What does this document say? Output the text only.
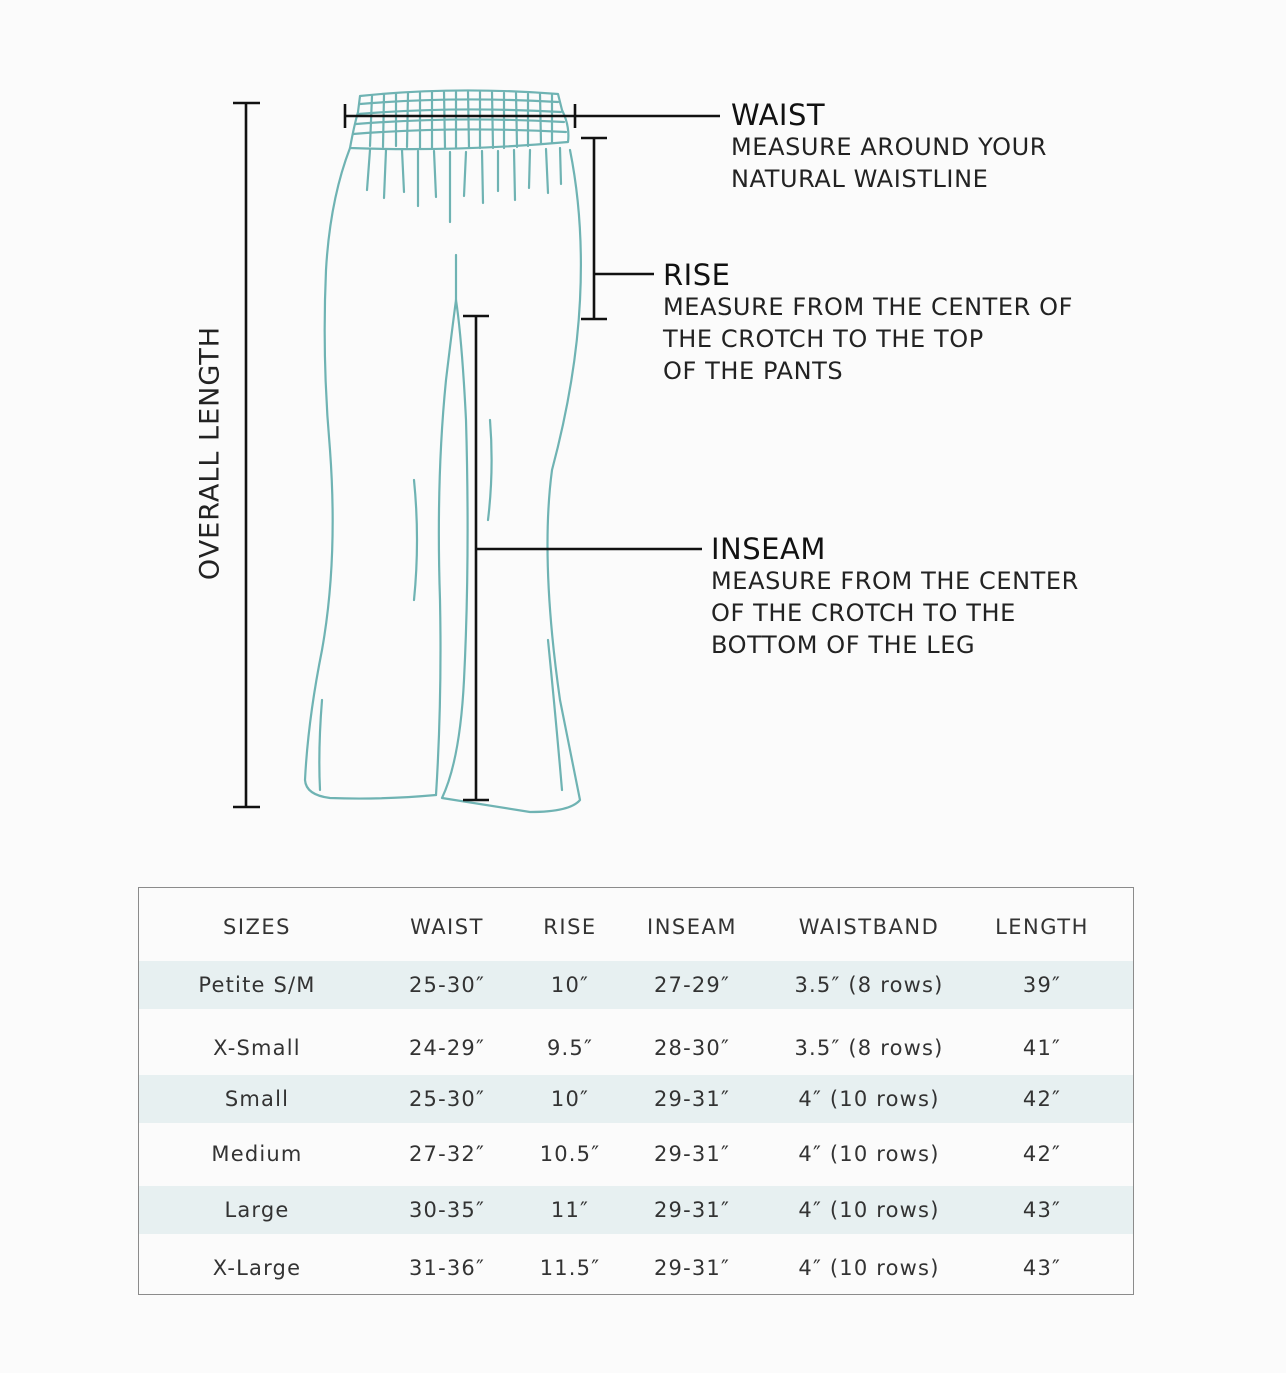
OVERALL LENGTH
WAIST
MEASURE AROUND YOUR
NATURAL WAISTLINE
RISE
MEASURE FROM THE CENTER OF
THE CROTCH TO THE TOP
OF THE PANTS
INSEAM
MEASURE FROM THE CENTER
OF THE CROTCH TO THE
BOTTOM OF THE LEG
SIZES	WAIST	RISE	INSEAM	WAISTBAND	LENGTH
Petite S/M	25-30″	10″	27-29″	3.5″ (8 rows)	39″
X-Small	24-29″	9.5″	28-30″	3.5″ (8 rows)	41″
Small	25-30″	10″	29-31″	4″ (10 rows)	42″
Medium	27-32″	10.5″	29-31″	4″ (10 rows)	42″
Large	30-35″	11″	29-31″	4″ (10 rows)	43″
X-Large	31-36″	11.5″	29-31″	4″ (10 rows)	43″
